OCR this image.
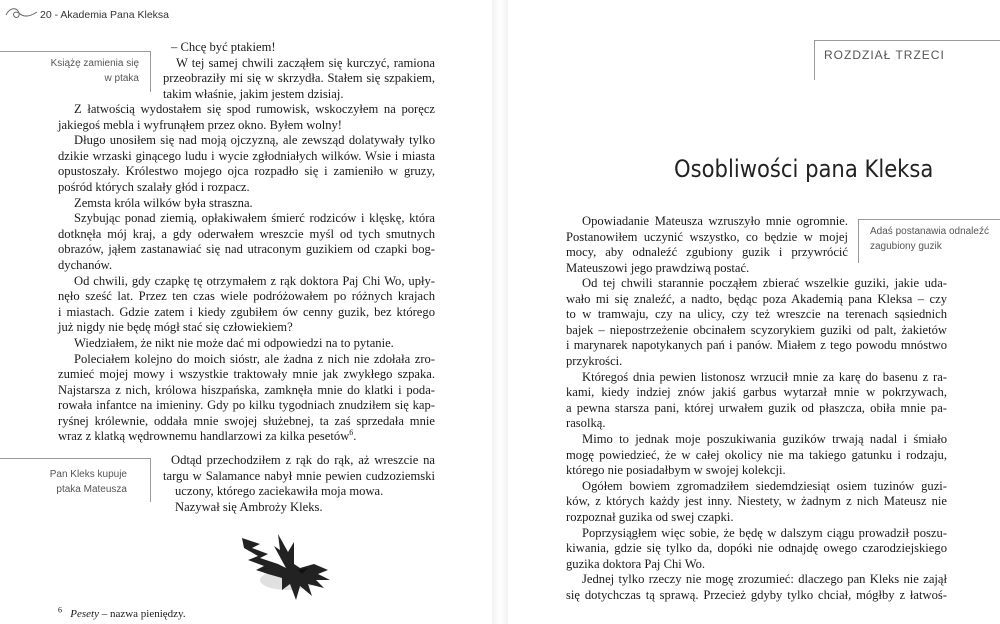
20 - Akademia Pana Kleksa
Książę zamienia się
w ptaka
Pan Kleks kupuje
ptaka Mateusza
– Chcę być ptakiem!
W tej samej chwili zacząłem się kurczyć, ramiona
przeobraziły mi się w skrzydła. Stałem się szpakiem,
takim właśnie, jakim jestem dzisiaj.
Z łatwością wydostałem się spod rumowisk, wskoczyłem na poręcz
jakiegoś mebla i wyfrunąłem przez okno. Byłem wolny!
Długo unosiłem się nad moją ojczyzną, ale zewsząd dolatywały tylko
dzikie wrzaski ginącego ludu i wycie zgłodniałych wilków. Wsie i miasta
opustoszały. Królestwo mojego ojca rozpadło się i zamieniło w gruzy,
pośród których szalały głód i rozpacz.
Zemsta króla wilków była straszna.
Szybując ponad ziemią, opłakiwałem śmierć rodziców i klęskę, która
dotknęła mój kraj, a gdy oderwałem wreszcie myśl od tych smutnych
obrazów, jąłem zastanawiać się nad utraconym guzikiem od czapki bog-
dychanów.
Od chwili, gdy czapkę tę otrzymałem z rąk doktora Paj Chi Wo, upły-
nęło sześć lat. Przez ten czas wiele podróżowałem po różnych krajach
i miastach. Gdzie zatem i kiedy zgubiłem ów cenny guzik, bez którego
już nigdy nie będę mógł stać się człowiekiem?
Wiedziałem, że nikt nie może dać mi odpowiedzi na to pytanie.
Poleciałem kolejno do moich sióstr, ale żadna z nich nie zdołała zro-
zumieć mojej mowy i wszystkie traktowały mnie jak zwykłego szpaka.
Najstarsza z nich, królowa hiszpańska, zamknęła mnie do klatki i poda-
rowała infantce na imieniny. Gdy po kilku tygodniach znudziłem się kap-
ryśnej królewnie, oddała mnie swojej służebnej, ta zaś sprzedała mnie
wraz z klatką wędrownemu handlarzowi za kilka pesetów$^6$.
Odtąd przechodziłem z rąk do rąk, aż wreszcie na
targu w Salamance nabył mnie pewien cudzoziemski
uczony, którego zaciekawiła moja mowa.
Nazywał się Ambroży Kleks.
$^6$ Pesety – nazwa pieniędzy.
ROZDZIAŁ TRZECI
Osobliwości pana Kleksa
Adaś postanawia odnaleźć
zagubiony guzik
Opowiadanie Mateusza wzruszyło mnie ogromnie.
Postanowiłem uczynić wszystko, co będzie w mojej
mocy, aby odnaleźć zgubiony guzik i przywrócić
Mateuszowi jego prawdziwą postać.
Od tej chwili starannie począłem zbierać wszelkie guziki, jakie uda-
wało mi się znaleźć, a nadto, będąc poza Akademią pana Kleksa – czy
to w tramwaju, czy na ulicy, czy też wreszcie na terenach sąsiednich
bajek – niepostrzeżenie obcinałem scyzorykiem guziki od palt, żakietów
i marynarek napotykanych pań i panów. Miałem z tego powodu mnóstwo
przykrości.
Któregoś dnia pewien listonosz wrzucił mnie za karę do basenu z ra-
kami, kiedy indziej znów jakiś garbus wytarzał mnie w pokrzywach,
a pewna starsza pani, której urwałem guzik od płaszcza, obiła mnie pa-
rasolką.
Mimo to jednak moje poszukiwania guzików trwają nadal i śmiało
mogę powiedzieć, że w całej okolicy nie ma takiego gatunku i rodzaju,
którego nie posiadałbym w swojej kolekcji.
Ogółem bowiem zgromadziłem siedemdziesiąt osiem tuzinów guzi-
ków, z których każdy jest inny. Niestety, w żadnym z nich Mateusz nie
rozpoznał guzika od swej czapki.
Poprzysiągłem więc sobie, że będę w dalszym ciągu prowadził poszu-
kiwania, gdzie się tylko da, dopóki nie odnajdę owego czarodziejskiego
guzika doktora Paj Chi Wo.
Jednej tylko rzeczy nie mogę zrozumieć: dlaczego pan Kleks nie zajął
się dotychczas tą sprawą. Przecież gdyby tylko chciał, mógłby z łatwoś-
